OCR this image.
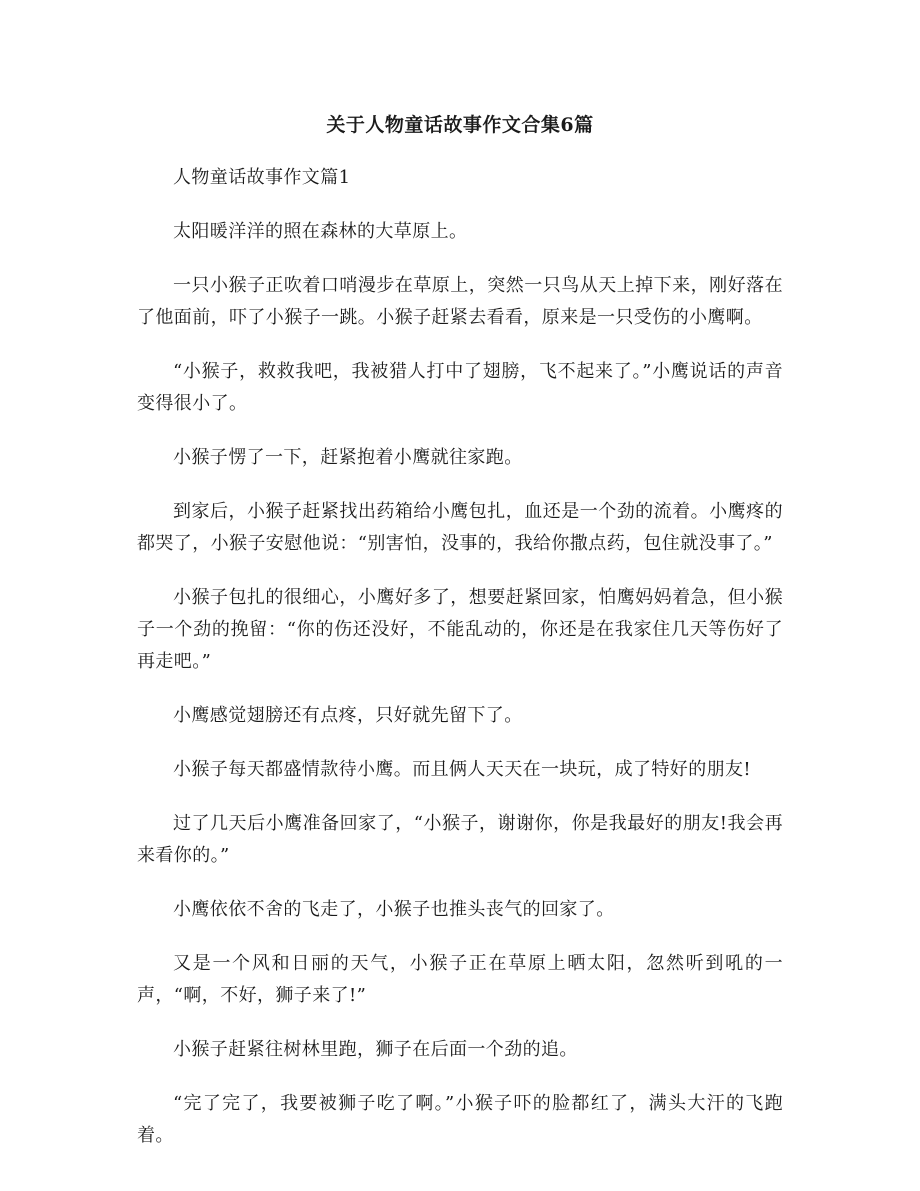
关于人物童话故事作文合集6篇

人物童话故事作文篇1

太阳暖洋洋的照在森林的大草原上。

一只小猴子正吹着口哨漫步在草原上，突然一只鸟从天上掉下来，刚好落在了他面前，吓了小猴子一跳。小猴子赶紧去看看，原来是一只受伤的小鹰啊。

“小猴子，救救我吧，我被猎人打中了翅膀，飞不起来了。”小鹰说话的声音变得很小了。

小猴子愣了一下，赶紧抱着小鹰就往家跑。

到家后，小猴子赶紧找出药箱给小鹰包扎，血还是一个劲的流着。小鹰疼的都哭了，小猴子安慰他说：“别害怕，没事的，我给你撒点药，包住就没事了。”

小猴子包扎的很细心，小鹰好多了，想要赶紧回家，怕鹰妈妈着急，但小猴子一个劲的挽留：“你的伤还没好，不能乱动的，你还是在我家住几天等伤好了再走吧。”

小鹰感觉翅膀还有点疼，只好就先留下了。

小猴子每天都盛情款待小鹰。而且俩人天天在一块玩，成了特好的朋友!

过了几天后小鹰准备回家了，“小猴子，谢谢你，你是我最好的朋友!我会再来看你的。”

小鹰依依不舍的飞走了，小猴子也推头丧气的回家了。

又是一个风和日丽的天气，小猴子正在草原上晒太阳，忽然听到吼的一声，“啊，不好，狮子来了!”

小猴子赶紧往树林里跑，狮子在后面一个劲的追。

“完了完了，我要被狮子吃了啊。”小猴子吓的脸都红了，满头大汗的飞跑着。
